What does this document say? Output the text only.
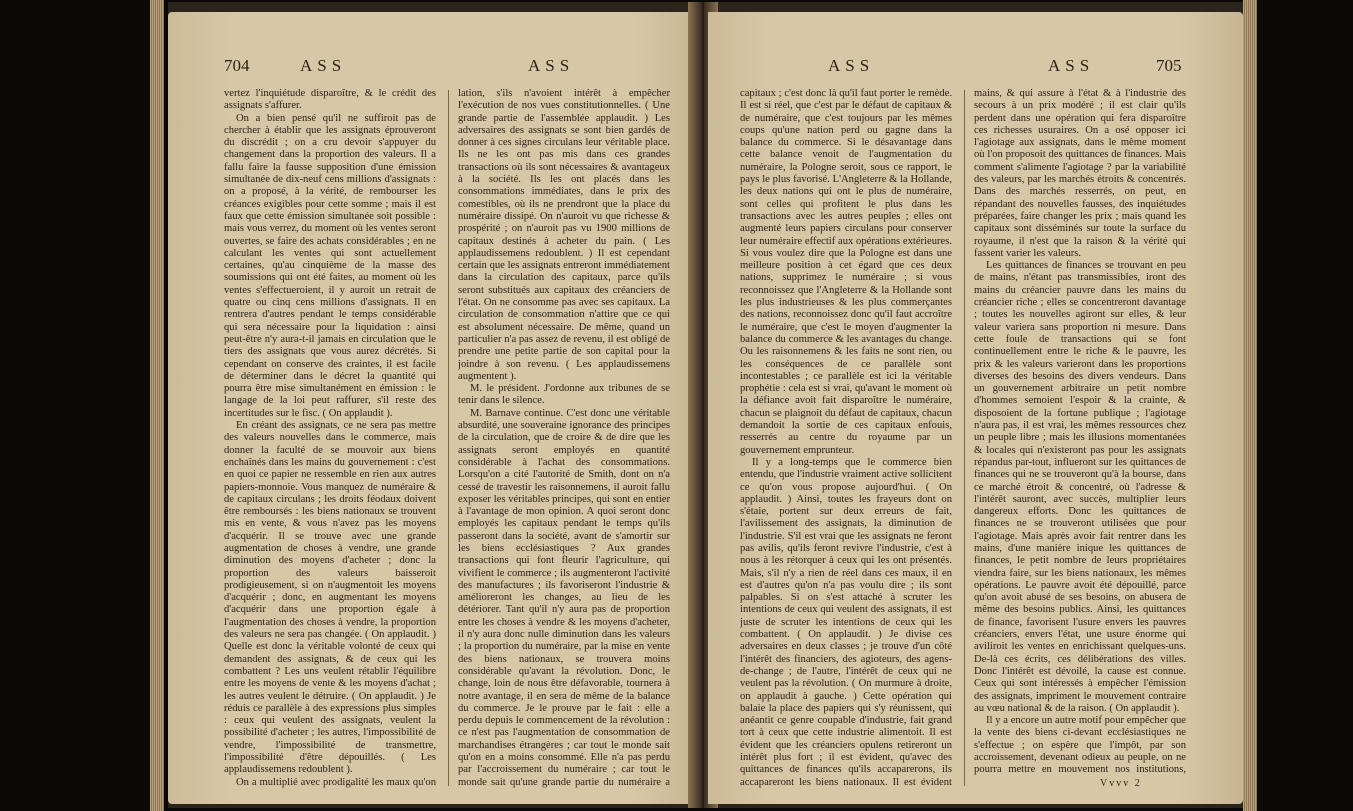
704	ASS	ASS

vertez l'inquiétude disparoître, & le crédit des assignats s'affurer.

On a bien pensé qu'il ne suffiroit pas de chercher à établir que les assignats éprouveront du discrédit ; on a cru devoir s'appuyer du changement dans la proportion des valeurs. Il a fallu faire la fausse supposition d'une émission simultanée de dix-neuf cens millions d'assignats : on a proposé, à la vérité, de rembourser les créances exigibles pour cette somme ; mais il est faux que cette émission simultanée soit possible : mais vous verrez, du moment où les ventes seront ouvertes, se faire des achats considérables ; en ne calculant les ventes qui sont actuellement certaines, qu'au cinquième de la masse des soumissions qui ont été faites, au moment où les ventes s'effectueroient, il y auroit un retrait de quatre ou cinq cens millions d'assignats. Il en rentrera d'autres pendant le temps considérable qui sera nécessaire pour la liquidation : ainsi peut-être n'y aura-t-il jamais en circulation que le tiers des assignats que vous aurez décrétés. Si cependant on conserve des craintes, il est facile de déterminer dans le décret la quantité qui pourra être mise simultanément en émission : le langage de la loi peut raffurer, s'il reste des incertitudes sur le fisc. ( On applaudit ).

En créant des assignats, ce ne sera pas mettre des valeurs nouvelles dans le commerce, mais donner la faculté de se mouvoir aux biens enchaînés dans les mains du gouvernement : c'est en quoi ce papier ne ressemble en rien aux autres papiers-monnoie. Vous manquez de numéraire & de capitaux circulans ; les droits féodaux doivent être remboursés : les biens nationaux se trouvent mis en vente, & vous n'avez pas les moyens d'acquérir. Il se trouve avec une grande augmentation de choses à vendre, une grande diminution des moyens d'acheter ; donc la proportion des valeurs baisseroit prodigieusement, si on n'augmentoit les moyens d'acquérir ; donc, en augmentant les moyens d'acquérir dans une proportion égale à l'augmentation des choses à vendre, la proportion des valeurs ne sera pas changée. ( On applaudit. ) Quelle est donc la véritable volonté de ceux qui demandent des assignats, & de ceux qui les combattent ? Les uns veulent rétablir l'équilibre entre les moyens de vente & les moyens d'achat ; les autres veulent le détruire. ( On applaudit. ) Je réduis ce parallèle à des expressions plus simples : ceux qui veulent des assignats, veulent la possibilité d'acheter ; les autres, l'impossibilité de vendre, l'impossibilité de transmettre, l'impossibilité d'être dépouillés. ( Les applaudissemens redoublent ).

On a multiplié avec prodigalité les maux qu'on

lation, s'ils n'avoient intérêt à empêcher l'exécution de nos vues constitutionnelles. ( Une grande partie de l'assemblée applaudit. ) Les adversaires des assignats se sont bien gardés de donner à ces signes circulans leur véritable place. Ils ne les ont pas mis dans ces grandes transactions où ils sont nécessaires & avantageux à la société. Ils les ont placés dans les consommations immédiates, dans le prix des comestibles, où ils ne prendront que la place du numéraire dissipé. On n'auroit vu que richesse & prospérité ; on n'auroit pas vu 1900 millions de capitaux destinés à acheter du pain. ( Les applaudissemens redoublent. ) Il est cependant certain que les assignats entreront immédiatement dans la circulation des capitaux, parce qu'ils seront substitués aux capitaux des créanciers de l'état. On ne consomme pas avec ses capitaux. La circulation de consommation n'attire que ce qui est absolument nécessaire. De même, quand un particulier n'a pas assez de revenu, il est obligé de prendre une petite partie de son capital pour la joindre à son revenu. ( Les applaudissemens augmentent ).

M. le président. J'ordonne aux tribunes de se tenir dans le silence.

M. Barnave continue. C'est donc une véritable absurdité, une souveraine ignorance des principes de la circulation, que de croire & de dire que les assignats seront employés en quantité considérable à l'achat des consommations. Lorsqu'on a cité l'autorité de Smith, dont on n'a cessé de travestir les raisonnemens, il auroit fallu exposer les véritables principes, qui sont en entier à l'avantage de mon opinion. A quoi seront donc employés les capitaux pendant le temps qu'ils passeront dans la société, avant de s'amortir sur les biens ecclésiastiques ? Aux grandes transactions qui font fleurir l'agriculture, qui vivifient le commerce ; ils augmenteront l'activité des manufactures ; ils favoriseront l'industrie & amélioreront les changes, au lieu de les détériorer. Tant qu'il n'y aura pas de proportion entre les choses à vendre & les moyens d'acheter, il n'y aura donc nulle diminution dans les valeurs ; la proportion du numéraire, par la mise en vente des biens nationaux, se trouvera moins considérable qu'avant la révolution. Donc, le change, loin de nous être défavorable, tournera à notre avantage, il en sera de même de la balance du commerce. Je le prouve par le fait : elle a perdu depuis le commencement de la révolution : ce n'est pas l'augmentation de consommation de marchandises étrangères ; car tout le monde sait qu'on en a moins consommé. Elle n'a pas perdu par l'accroissement du numéraire ; car tout le monde sait qu'une grande partie du numéraire a

ASS	ASS	705

capitaux ; c'est donc là qu'il faut porter le remède. Il est si réel, que c'est par le défaut de capitaux & de numéraire, que c'est toujours par les mêmes coups qu'une nation perd ou gagne dans la balance du commerce. Si le désavantage dans cette balance venoit de l'augmentation du numéraire, la Pologne seroit, sous ce rapport, le pays le plus favorisé. L'Angleterre & la Hollande, les deux nations qui ont le plus de numéraire, sont celles qui profitent le plus dans les transactions avec les autres peuples ; elles ont augmenté leurs papiers circulans pour conserver leur numéraire effectif aux opérations extérieures. Si vous voulez dire que la Pologne est dans une meilleure position à cet égard que ces deux nations, supprimez le numéraire ; si vous reconnoissez que l'Angleterre & la Hollande sont les plus industrieuses & les plus commerçantes des nations, reconnoissez donc qu'il faut accroître le numéraire, que c'est le moyen d'augmenter la balance du commerce & les avantages du change. Ou les raisonnemens & les faits ne sont rien, ou les conséquences de ce parallèle sont incontestables ; ce parallèle est ici la véritable prophétie : cela est si vrai, qu'avant le moment où la défiance avoit fait disparoître le numéraire, chacun se plaignoit du défaut de capitaux, chacun demandoit la sortie de ces capitaux enfouis, resserrés au centre du royaume par un gouvernement emprunteur.

Il y a long-temps que le commerce bien entendu, que l'industrie vraiment active sollicitent ce qu'on vous propose aujourd'hui. ( On applaudit. ) Ainsi, toutes les frayeurs dont on s'étaie, portent sur deux erreurs de fait, l'avilissement des assignats, la diminution de l'industrie. S'il est vrai que les assignats ne feront pas avilis, qu'ils feront revivre l'industrie, c'est à nous à les rétorquer à ceux qui les ont présentés. Mais, s'il n'y a rien de réel dans ces maux, il en est d'autres qu'on n'a pas voulu dire ; ils sont palpables. Si on s'est attaché à scruter les intentions de ceux qui veulent des assignats, il est juste de scruter les intentions de ceux qui les combattent. ( On applaudit. ) Je divise ces adversaires en deux classes ; je trouve d'un côté l'intérêt des financiers, des agioteurs, des agens-de-change ; de l'autre, l'intérêt de ceux qui ne veulent pas la révolution. ( On murmure à droite, on applaudit à gauche. ) Cette opération qui balaie la place des papiers qui s'y réunissent, qui anéantit ce genre coupable d'industrie, fait grand tort à ceux que cette industrie alimentoit. Il est évident que les créanciers opulens retireront un intérêt plus fort ; il est évident, qu'avec des quittances de finances qu'ils accaparerons, ils accapareront les biens nationaux. Il est évident

mains, & qui assure à l'état & à l'industrie des secours à un prix modéré ; il est clair qu'ils perdent dans une opération qui fera disparoître ces richesses usuraires. On a osé opposer ici l'agiotage aux assignats, dans le même moment où l'on proposoit des quittances de finances. Mais comment s'alimente l'agiotage ? par la variabilité des valeurs, par les marchés étroits & concentrés. Dans des marchés resserrés, on peut, en répandant des nouvelles fausses, des inquiétudes préparées, faire changer les prix ; mais quand les capitaux sont disséminés sur toute la surface du royaume, il n'est que la raison & la vérité qui fassent varier les valeurs.

Les quittances de finances se trouvant en peu de mains, n'étant pas transmissibles, iront des mains du créancier pauvre dans les mains du créancier riche ; elles se concentreront davantage ; toutes les nouvelles agiront sur elles, & leur valeur variera sans proportion ni mesure. Dans cette foule de transactions qui se font continuellement entre le riche & le pauvre, les prix & les valeurs varieront dans les proportions diverses des besoins des divers vendeurs. Dans un gouvernement arbitraire un petit nombre d'hommes semoient l'espoir & la crainte, & disposoient de la fortune publique ; l'agiotage n'aura pas, il est vrai, les mêmes ressources chez un peuple libre ; mais les illusions momentanées & locales qui n'existeront pas pour les assignats répandus par-tout, influeront sur les quittances de finances qui ne se trouveront qu'à la bourse, dans ce marché étroit & concentré, où l'adresse & l'intérêt sauront, avec succès, multiplier leurs dangereux efforts. Donc les quittances de finances ne se trouveront utilisées que pour l'agiotage. Mais après avoir fait rentrer dans les mains, d'une manière inique les quittances de finances, le petit nombre de leurs propriétaires viendra faire, sur les biens nationaux, les mêmes opérations. Le pauvre avoit été dépouillé, parce qu'on avoit abusé de ses besoins, on abusera de même des besoins publics. Ainsi, les quittances de finance, favorisent l'usure envers les pauvres créanciers, envers l'état, une usure énorme qui aviliroit les ventes en enrichissant quelques-uns. De-là ces écrits, ces délibérations des villes. Donc l'intérêt est dévoilé, la cause est connue. Ceux qui sont intéressés à empêcher l'émission des assignats, impriment le mouvement contraire au vœu national & de la raison. ( On applaudit ).

Il y a encore un autre motif pour empêcher que la vente des biens ci-devant ecclésiastiques ne s'effectue ; on espère que l'impôt, par son accroissement, devenant odieux au peuple, on ne pourra mettre en mouvement nos institutions,

Vvvv 2
